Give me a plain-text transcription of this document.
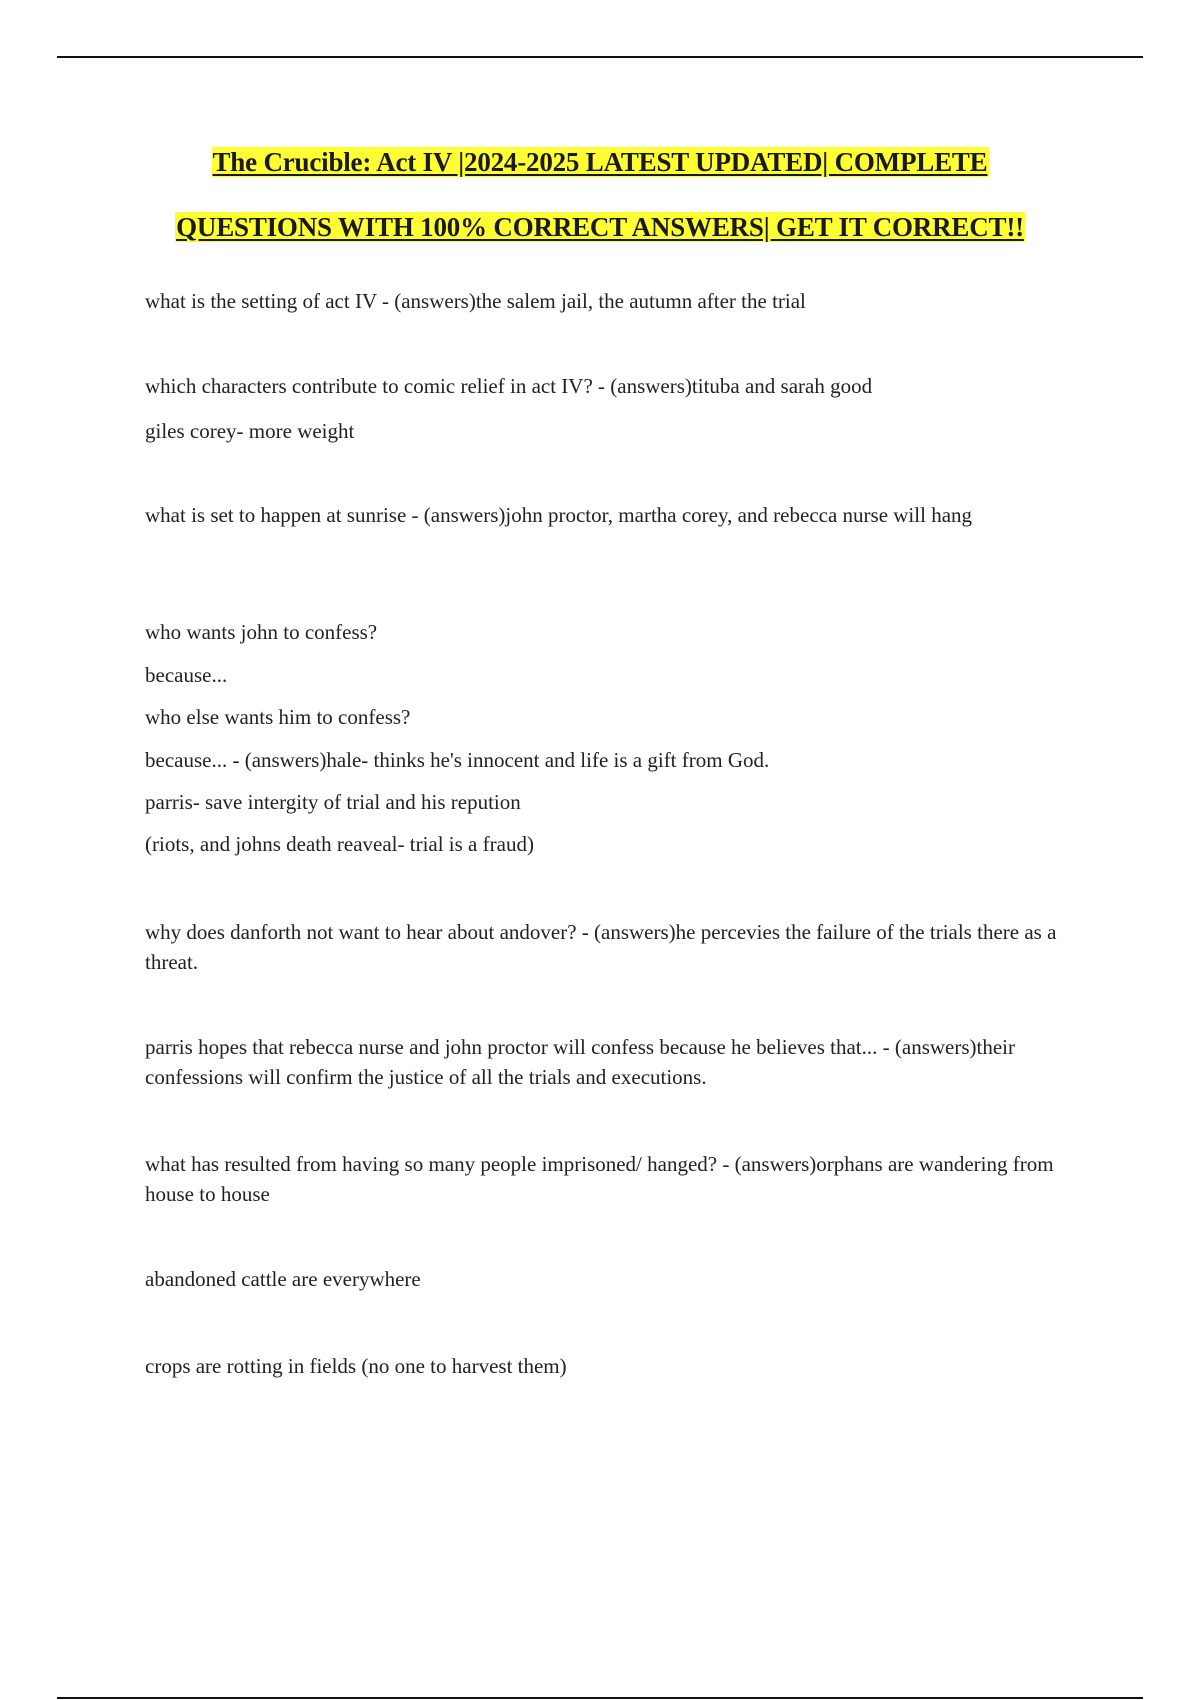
The Crucible: Act IV |2024-2025 LATEST UPDATED| COMPLETE
QUESTIONS WITH 100% CORRECT ANSWERS| GET IT CORRECT!!

what is the setting of act IV - (answers)the salem jail, the autumn after the trial

which characters contribute to comic relief in act IV? - (answers)tituba and sarah good

giles corey- more weight

what is set to happen at sunrise - (answers)john proctor, martha corey, and rebecca nurse will hang

who wants john to confess?

because...

who else wants him to confess?

because... - (answers)hale- thinks he's innocent and life is a gift from God.

parris- save intergity of trial and his repution

(riots, and johns death reaveal- trial is a fraud)

why does danforth not want to hear about andover? - (answers)he percevies the failure of the trials there as a threat.

parris hopes that rebecca nurse and john proctor will confess because he believes that... - (answers)their confessions will confirm the justice of all the trials and executions.

what has resulted from having so many people imprisoned/ hanged? - (answers)orphans are wandering from house to house

abandoned cattle are everywhere

crops are rotting in fields (no one to harvest them)
